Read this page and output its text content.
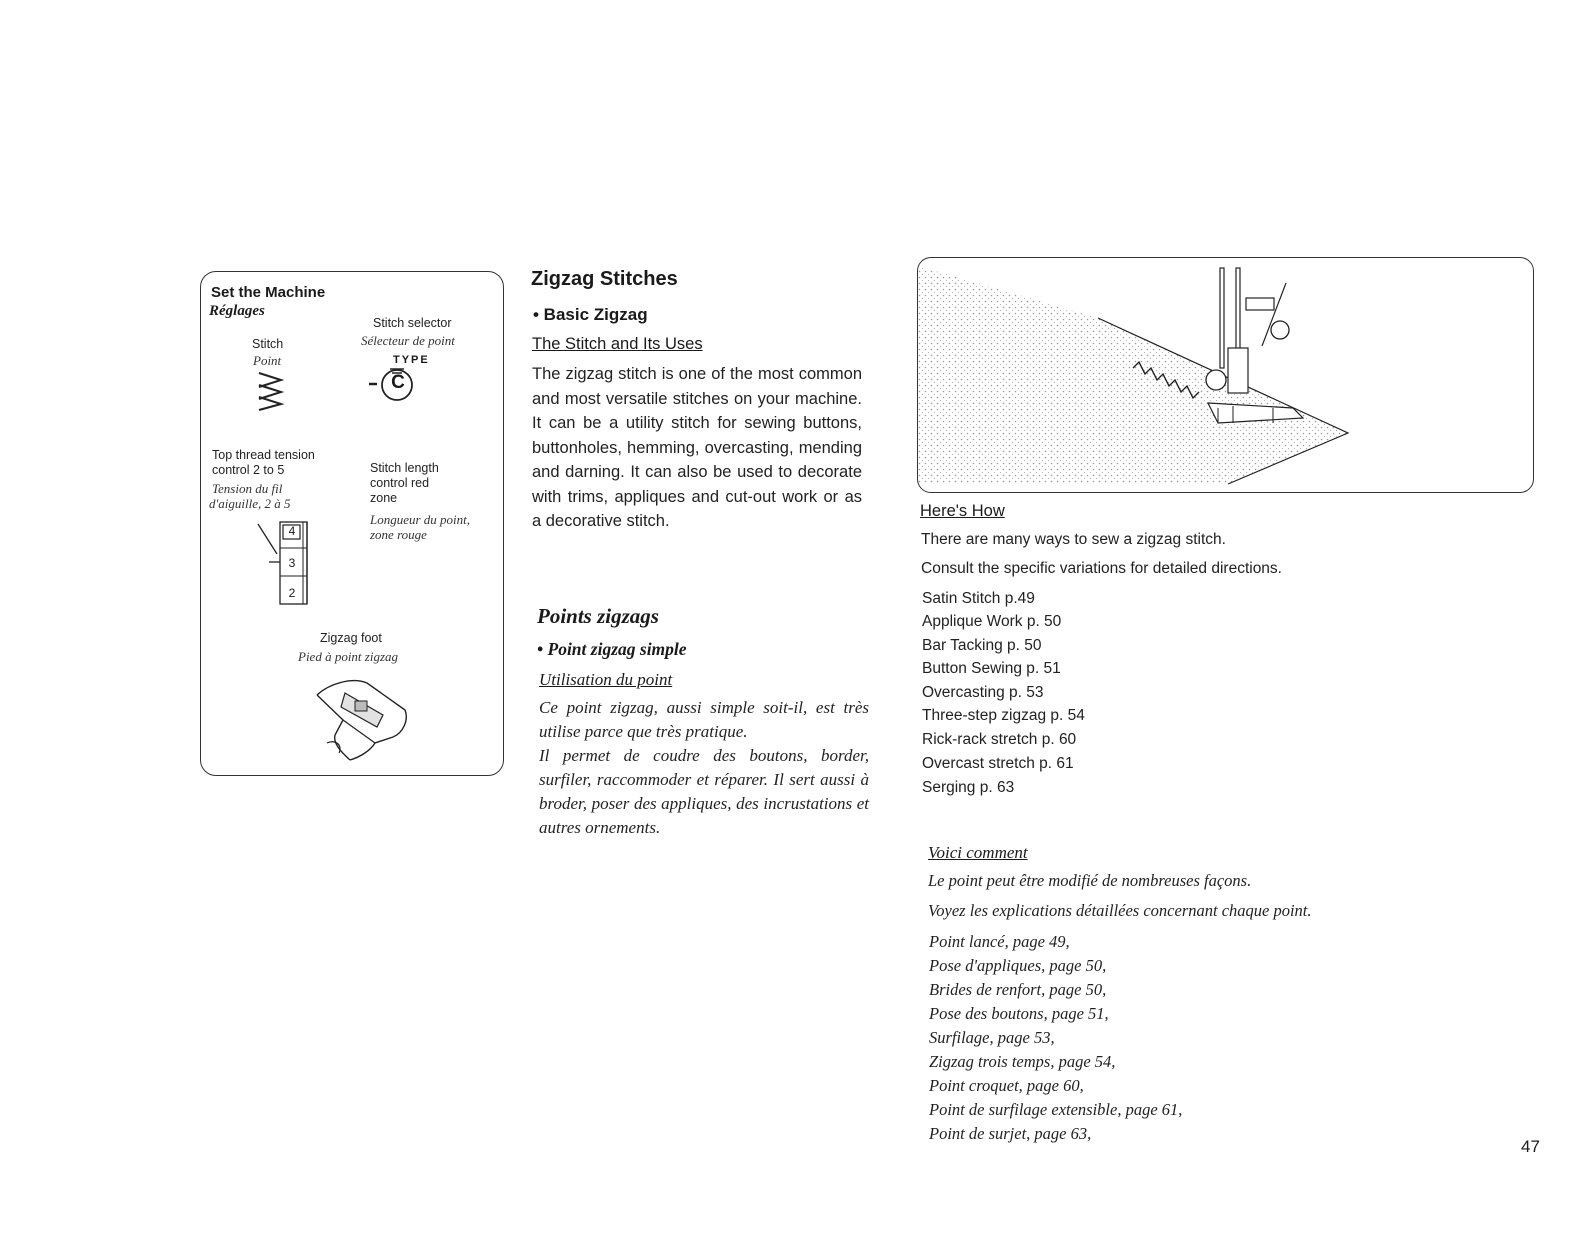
Set the Machine
Réglages
Stitch
Point
Stitch selector
Sélecteur de point
TYPE
C
Top thread tension
control 2 to 5
Tension du fil
d'aiguille, 2 à 5
4
3
2
Stitch length
control red
zone
Longueur du point,
zone rouge
Zigzag foot
Pied à point zigzag
Zigzag Stitches
• Basic Zigzag
The Stitch and Its Uses
The zigzag stitch is one of the most common and most versatile stitches on your machine. It can be a utility stitch for sewing buttons, buttonholes, hemming, overcasting, mending and darning. It can also be used to decorate with trims, appliques and cut-out work or as a decorative stitch.
Points zigzags
• Point zigzag simple
Utilisation du point
Ce point zigzag, aussi simple soit-il, est très utilise parce que très pratique.
Il permet de coudre des boutons, border, surfiler, raccommoder et réparer. Il sert aussi à broder, poser des appliques, des incrustations et autres ornements.
Here's How
There are many ways to sew a zigzag stitch.
Consult the specific variations for detailed directions.
Satin Stitch p.49
Applique Work p. 50
Bar Tacking p. 50
Button Sewing p. 51
Overcasting p. 53
Three-step zigzag p. 54
Rick-rack stretch p. 60
Overcast stretch p. 61
Serging p. 63
Voici comment
Le point peut être modifié de nombreuses façons.
Voyez les explications détaillées concernant chaque point.
Point lancé, page 49,
Pose d'appliques, page 50,
Brides de renfort, page 50,
Pose des boutons, page 51,
Surfilage, page 53,
Zigzag trois temps, page 54,
Point croquet, page 60,
Point de surfilage extensible, page 61,
Point de surjet, page 63,
47
